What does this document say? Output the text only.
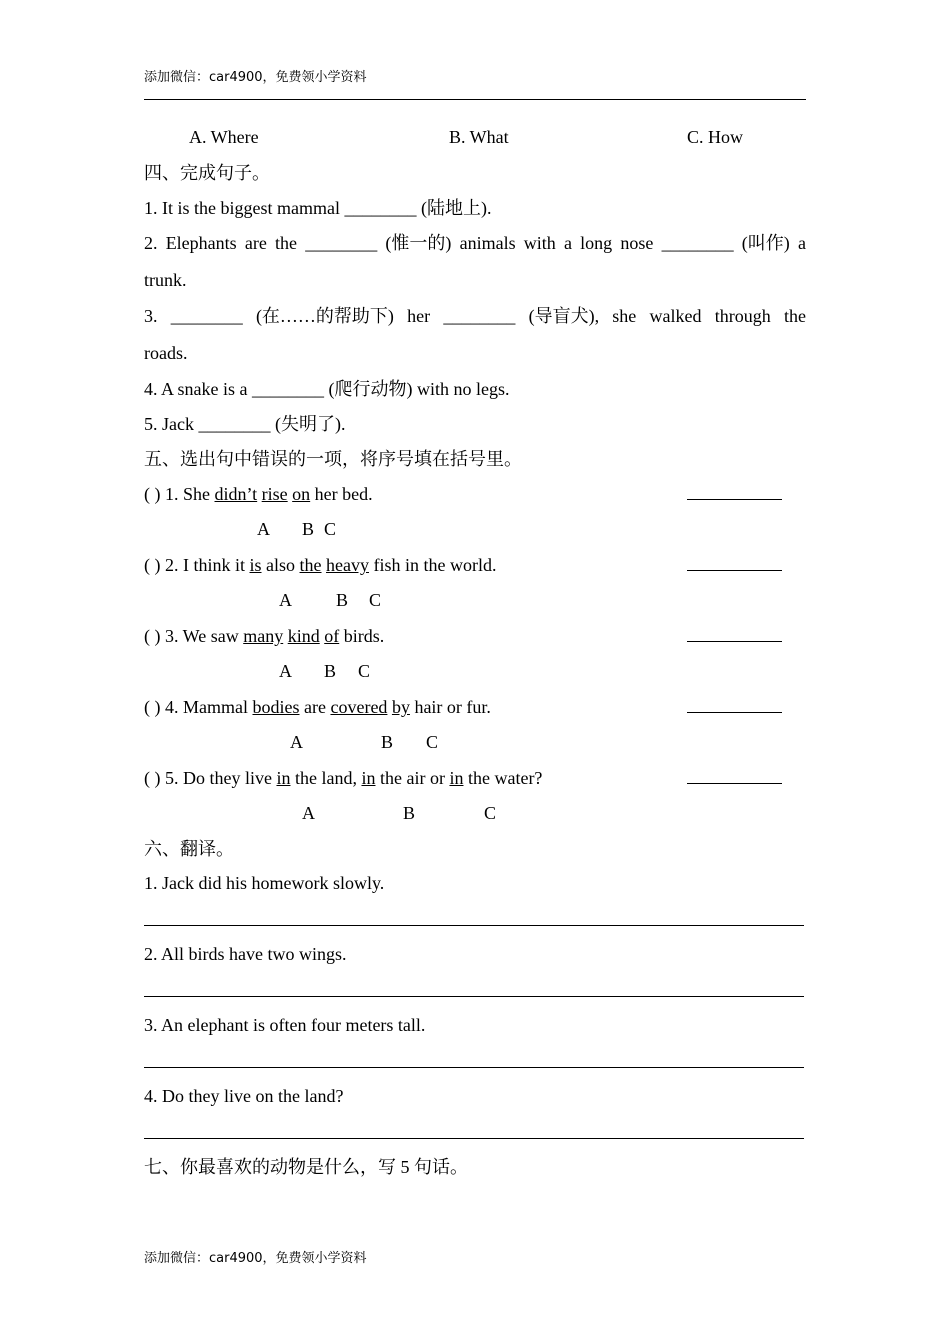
添加微信：car4900，免费领小学资料
A. Where	B. What	C. How
四、完成句子。
1. It is the biggest mammal ________ (陆地上).
2. Elephants are the ________ (惟一的) animals with a long nose ________ (叫作) a
trunk.
3. ________ (在……的帮助下) her ________ (导盲犬), she walked through the
roads.
4. A snake is a ________ (爬行动物) with no legs.
5. Jack ________ (失明了).
五、选出句中错误的一项，将序号填在括号里。
( ) 1. She didn’t rise on her bed.
A B C
( ) 2. I think it is also the heavy fish in the world.
A B C
( ) 3. We saw many kind of birds.
A B C
( ) 4. Mammal bodies are covered by hair or fur.
A	B C
( ) 5. Do they live in the land, in the air or in the water?
A	B	C
六、翻译。
1. Jack did his homework slowly.
2. All birds have two wings.
3. An elephant is often four meters tall.
4. Do they live on the land?
七、你最喜欢的动物是什么，写 5 句话。
添加微信：car4900，免费领小学资料
